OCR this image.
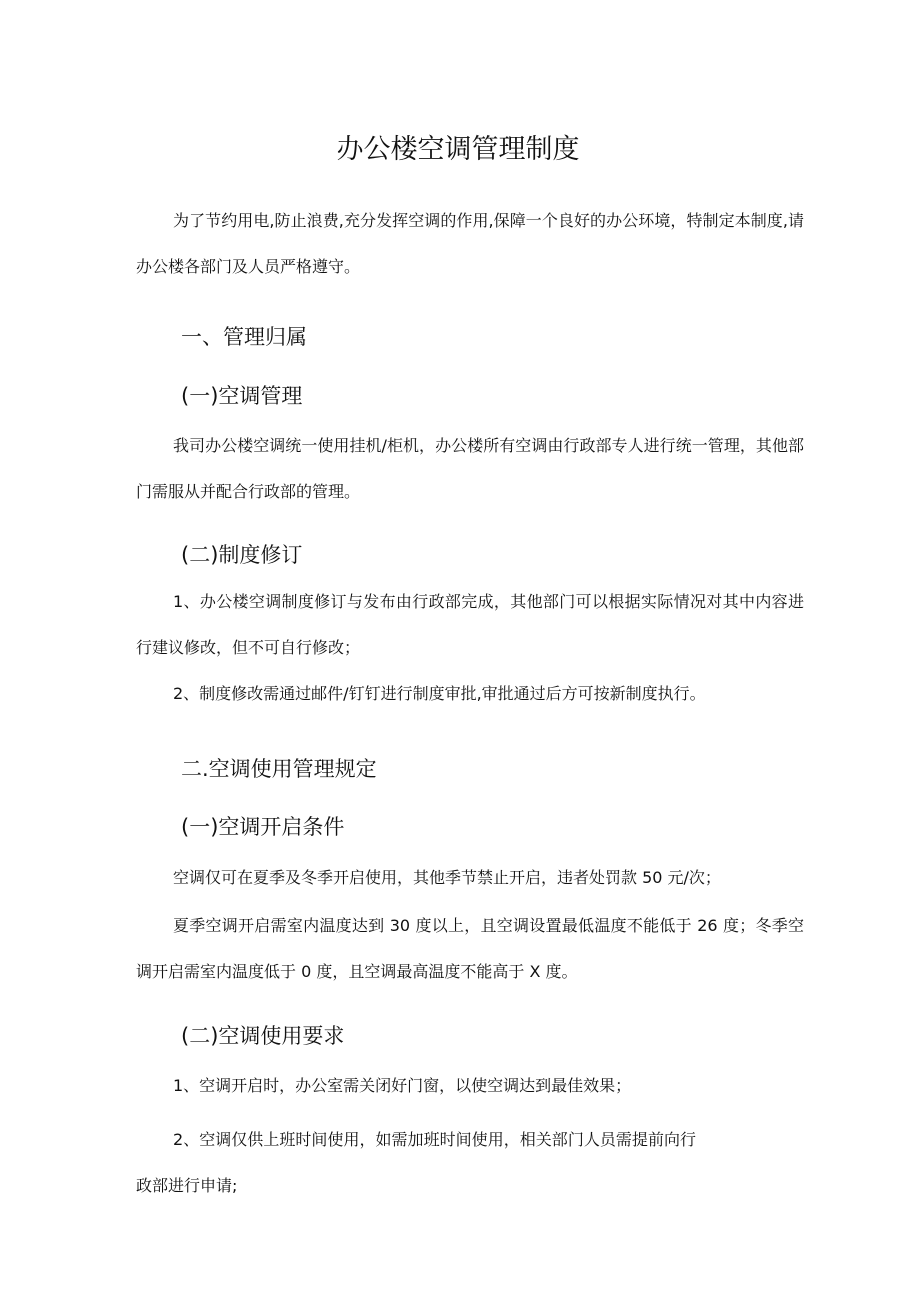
办公楼空调管理制度

为了节约用电,防止浪费,充分发挥空调的作用,保障一个良好的办公环境，特制定本制度,请办公楼各部门及人员严格遵守。

一、管理归属
(一)空调管理

我司办公楼空调统一使用挂机/柜机，办公楼所有空调由行政部专人进行统一管理，其他部门需服从并配合行政部的管理。

(二)制度修订

1、办公楼空调制度修订与发布由行政部完成，其他部门可以根据实际情况对其中内容进行建议修改，但不可自行修改；

2、制度修改需通过邮件/钉钉进行制度审批,审批通过后方可按新制度执行。

二.空调使用管理规定
(一)空调开启条件

空调仅可在夏季及冬季开启使用，其他季节禁止开启，违者处罚款 50 元/次；

夏季空调开启需室内温度达到 30 度以上，且空调设置最低温度不能低于 26 度；冬季空调开启需室内温度低于 0 度，且空调最高温度不能高于 X 度。

(二)空调使用要求

1、空调开启时，办公室需关闭好门窗，以使空调达到最佳效果；

2、空调仅供上班时间使用，如需加班时间使用，相关部门人员需提前向行政部进行申请;
